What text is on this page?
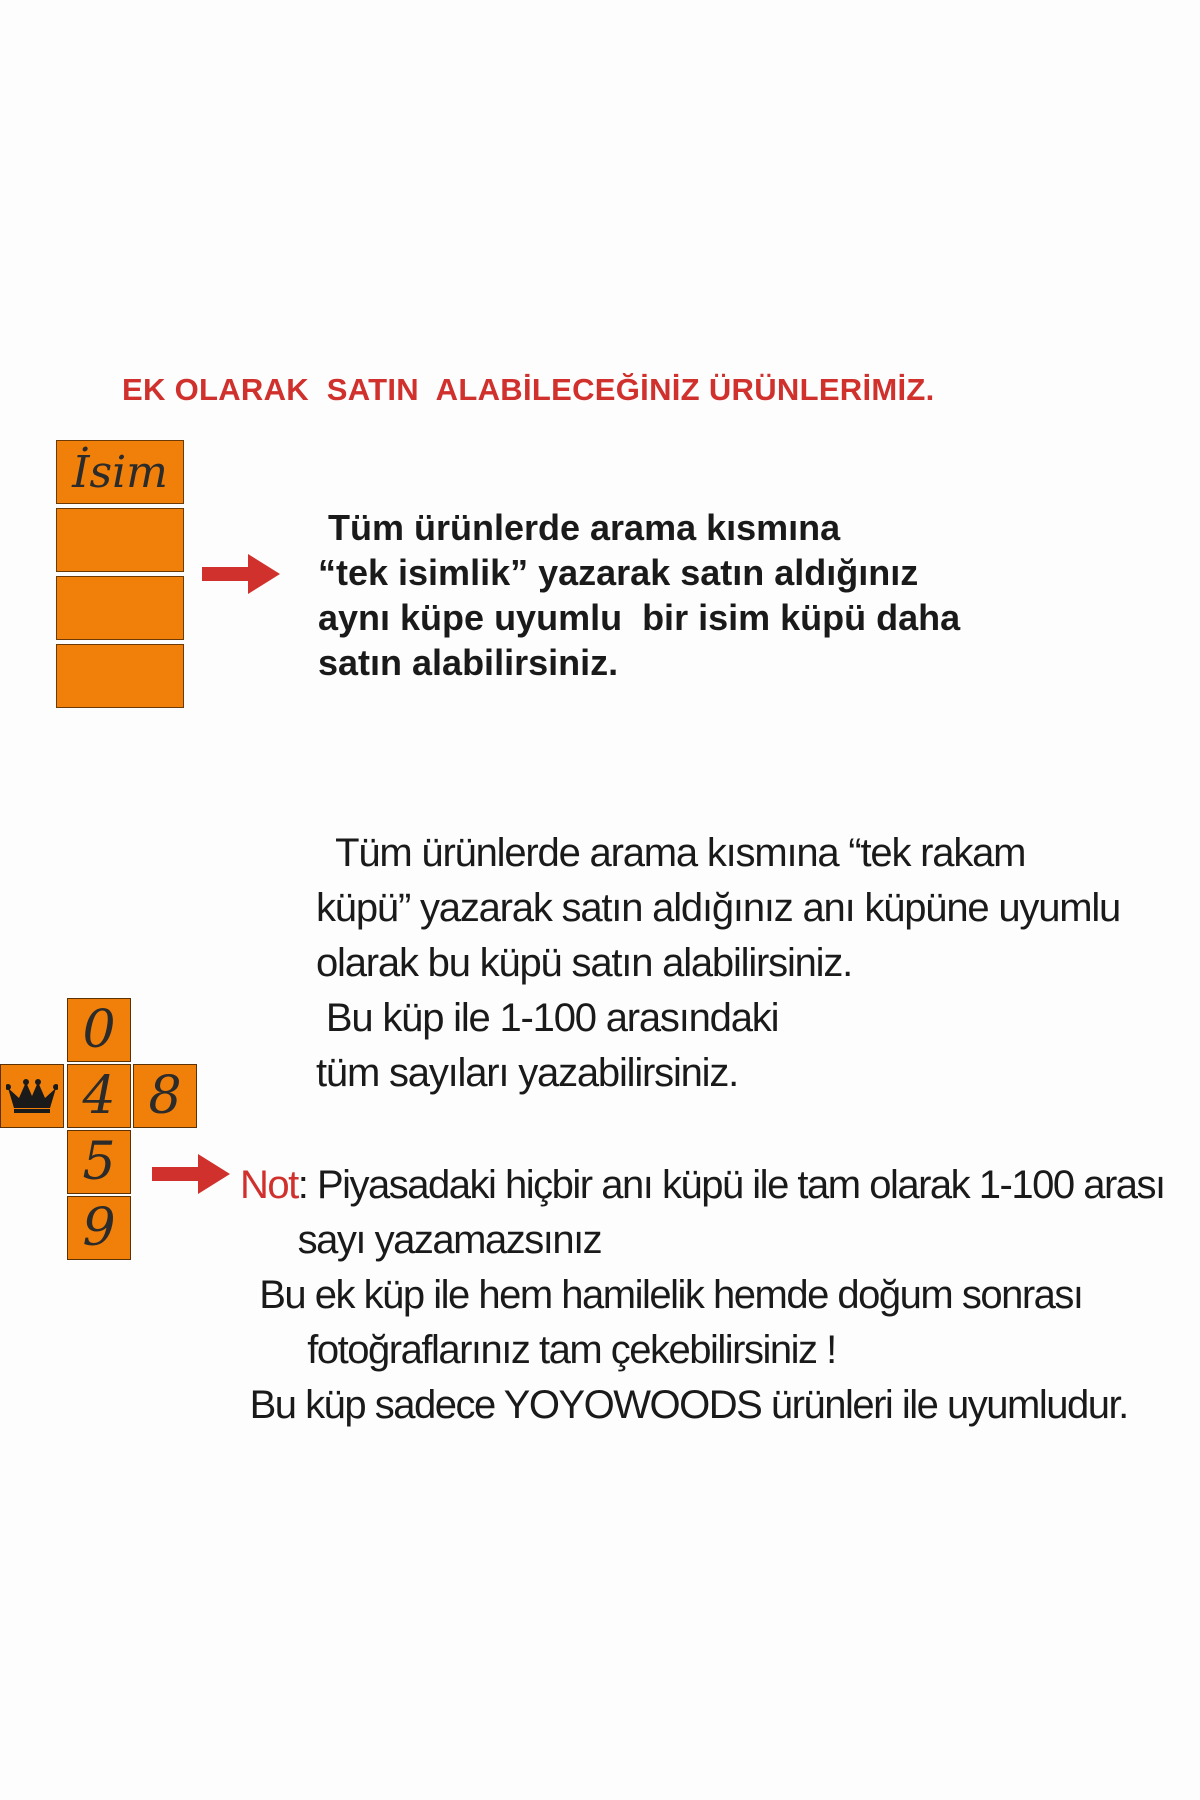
EK OLARAK  SATIN  ALABİLECEĞİNİZ ÜRÜNLERİMİZ.
İsim
Tüm ürünlerde arama kısmına
“tek isimlik” yazarak satın aldığınız
aynı küpe uyumlu  bir isim küpü daha
satın alabilirsiniz.
Tüm ürünlerde arama kısmına “tek rakam
küpü” yazarak satın aldığınız anı küpüne uyumlu
olarak bu küpü satın alabilirsiniz.
Bu küp ile 1-100 arasındaki
tüm sayıları yazabilirsiniz.
0
4 8
5
9
Not: Piyasadaki hiçbir anı küpü ile tam olarak 1-100 arası
sayı yazamazsınız
Bu ek küp ile hem hamilelik hemde doğum sonrası
fotoğraflarınız tam çekebilirsiniz !
Bu küp sadece YOYOWOODS ürünleri ile uyumludur.
